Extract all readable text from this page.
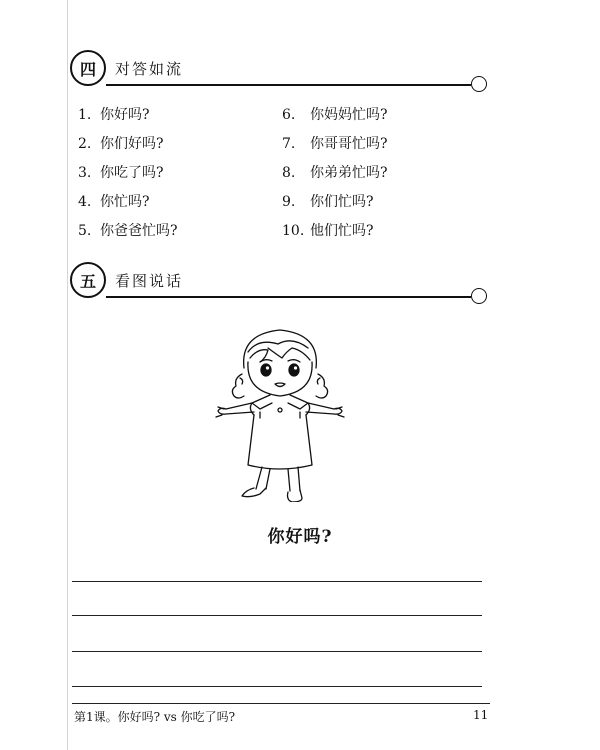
四	对答如流
1. 你好吗?
2. 你们好吗?
3. 你吃了吗?
4. 你忙吗?
5. 你爸爸忙吗?
6. 你妈妈忙吗?
7. 你哥哥忙吗?
8. 你弟弟忙吗?
9. 你们忙吗?
10. 他们忙吗?
五	看图说话
你好吗?
第1课。你好吗? vs 你吃了吗?	11
